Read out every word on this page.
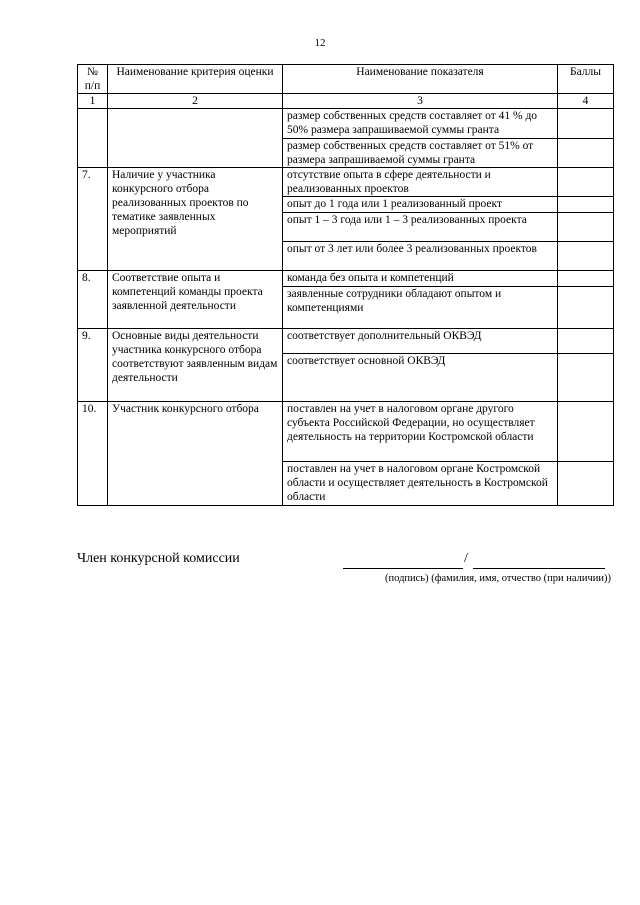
12
№ п/п	Наименование критерия оценки	Наименование показателя	Баллы
1	2	3	4
		размер собственных средств составляет от 41 % до 50% размера запрашиваемой суммы гранта	
		размер собственных средств составляет от 51% от размера запрашиваемой суммы гранта	
7.	Наличие у участника конкурсного отбора реализованных проектов по тематике заявленных мероприятий	отсутствие опыта в сфере деятельности и реализованных проектов	
		опыт до 1 года или 1 реализованный проект	
		опыт 1 – 3 года или 1 – 3 реализованных проекта	
		опыт от 3 лет или более 3 реализованных проектов	
8.	Соответствие опыта и компетенций команды проекта заявленной деятельности	команда без опыта и компетенций	
		заявленные сотрудники обладают опытом и компетенциями	
9.	Основные виды деятельности участника конкурсного отбора соответствуют заявленным видам деятельности	соответствует дополнительный ОКВЭД	
		соответствует основной ОКВЭД	
10.	Участник конкурсного отбора	поставлен на учет в налоговом органе другого субъекта Российской Федерации, но осуществляет деятельность на территории Костромской области	
		поставлен на учет в налоговом органе Костромской области и осуществляет деятельность в Костромской области	
Член конкурсной комиссии	/
(подпись) (фамилия, имя, отчество (при наличии))
